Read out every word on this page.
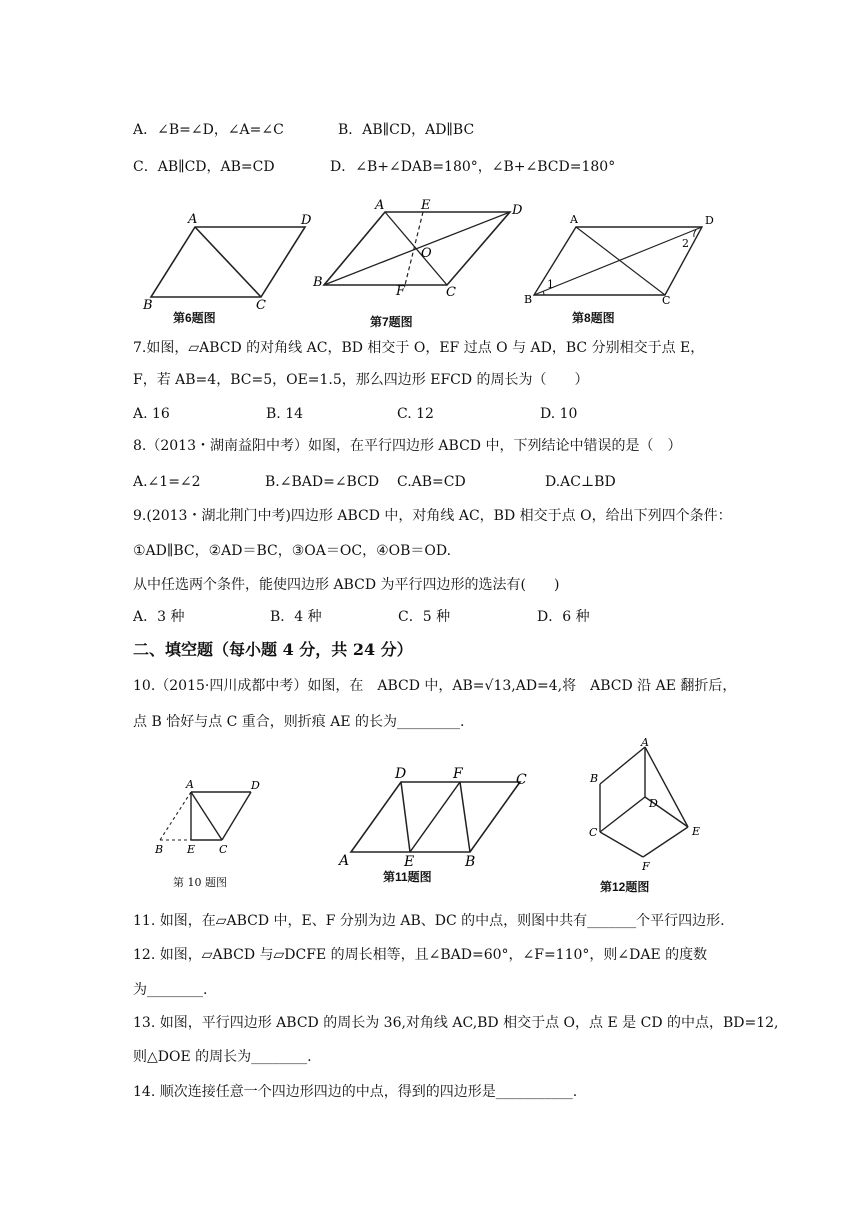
A．∠B=∠D，∠A=∠C	B．AB∥CD，AD∥BC
C．AB∥CD，AB=CD	D．∠B+∠DAB=180°，∠B+∠BCD=180°
A	D
B	C
第6题图
A	E	D
O
B
F	C
第7题图
A	D
B	C
1
2
第8题图
7.如图，▱ABCD 的对角线 AC，BD 相交于 O，EF 过点 O 与 AD，BC 分别相交于点 E，
F，若 AB=4，BC=5，OE=1.5，那么四边形 EFCD 的周长为（　　）
A. 16	B. 14	C. 12	D. 10
8.（2013・湖南益阳中考）如图，在平行四边形 ABCD 中，下列结论中错误的是（　）
A.∠1=∠2	B.∠BAD=∠BCD C.AB=CD	D.AC⊥BD
9.(2013・湖北荆门中考)四边形 ABCD 中，对角线 AC，BD 相交于点 O，给出下列四个条件：
①AD∥BC，②AD＝BC，③OA＝OC，④OB＝OD.
从中任选两个条件，能使四边形 ABCD 为平行四边形的选法有(　　)
A．3 种	B．4 种	C．5 种	D．6 种
二、填空题（每小题 4 分，共 24 分）
10.（2015·四川成都中考）如图，在　ABCD 中，AB=√13,AD=4,将　ABCD 沿 AE 翻折后，
点 B 恰好与点 C 重合，则折痕 AE 的长为_________.
A	D
B E C
第 10 题图
D	F	C
A	E	B
第11题图
A
B
D
C	E
F
第12题图
11. 如图，在▱ABCD 中，E、F 分别为边 AB、DC 的中点，则图中共有_______个平行四边形.
12. 如图，▱ABCD 与▱DCFE 的周长相等，且∠BAD=60°，∠F=110°，则∠DAE 的度数
为________.
13. 如图，平行四边形 ABCD 的周长为 36,对角线 AC,BD 相交于点 O，点 E 是 CD 的中点，BD=12,
则△DOE 的周长为________.
14. 顺次连接任意一个四边形四边的中点，得到的四边形是___________.
